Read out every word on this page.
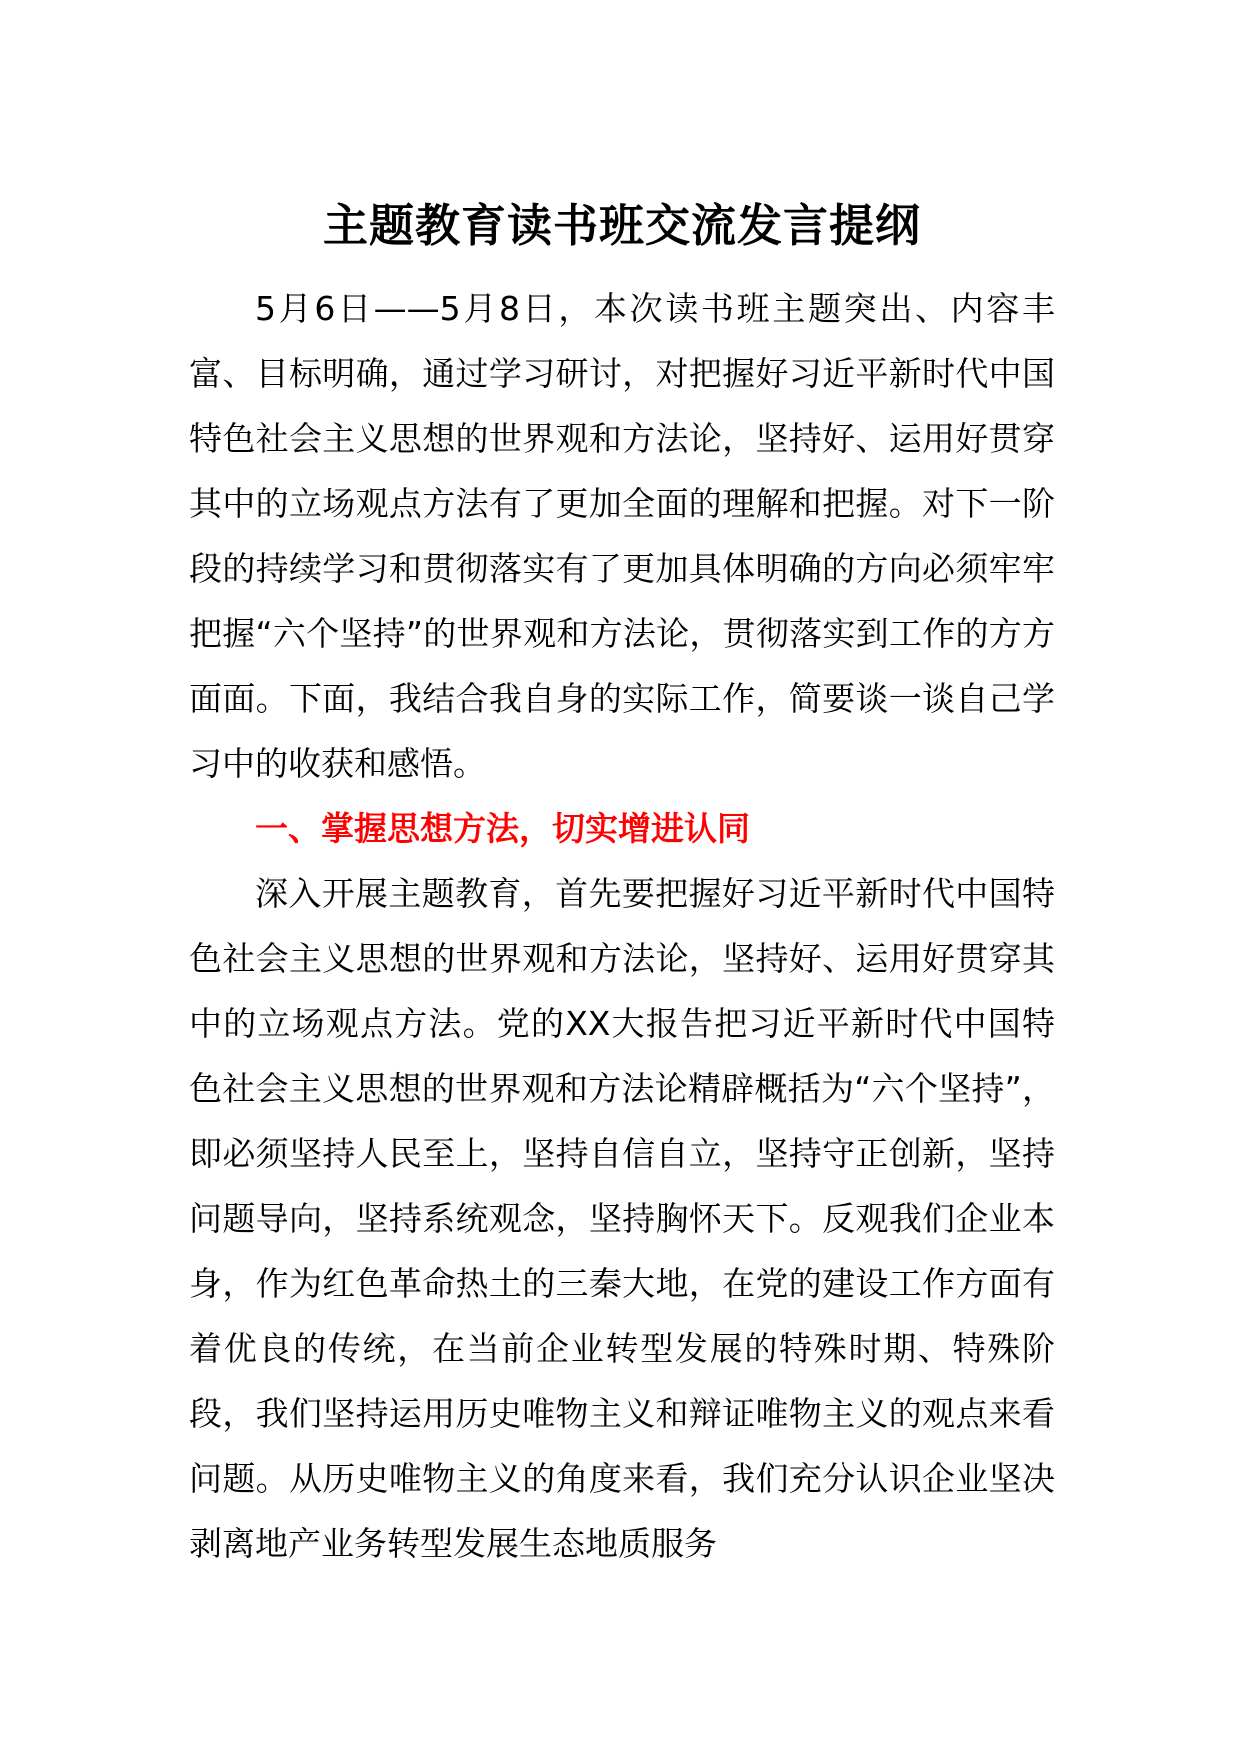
主题教育读书班交流发言提纲

5月6日——5月8日，本次读书班主题突出、内容丰富、目标明确，通过学习研讨，对把握好习近平新时代中国特色社会主义思想的世界观和方法论，坚持好、运用好贯穿其中的立场观点方法有了更加全面的理解和把握。对下一阶段的持续学习和贯彻落实有了更加具体明确的方向必须牢牢把握“六个坚持”的世界观和方法论，贯彻落实到工作的方方面面。下面，我结合我自身的实际工作，简要谈一谈自己学习中的收获和感悟。

一、掌握思想方法，切实增进认同

深入开展主题教育，首先要把握好习近平新时代中国特色社会主义思想的世界观和方法论，坚持好、运用好贯穿其中的立场观点方法。党的XX大报告把习近平新时代中国特色社会主义思想的世界观和方法论精辟概括为“六个坚持”，即必须坚持人民至上，坚持自信自立，坚持守正创新，坚持问题导向，坚持系统观念，坚持胸怀天下。反观我们企业本身，作为红色革命热土的三秦大地，在党的建设工作方面有着优良的传统，在当前企业转型发展的特殊时期、特殊阶段，我们坚持运用历史唯物主义和辩证唯物主义的观点来看问题。从历史唯物主义的角度来看，我们充分认识企业坚决剥离地产业务转型发展生态地质服务
